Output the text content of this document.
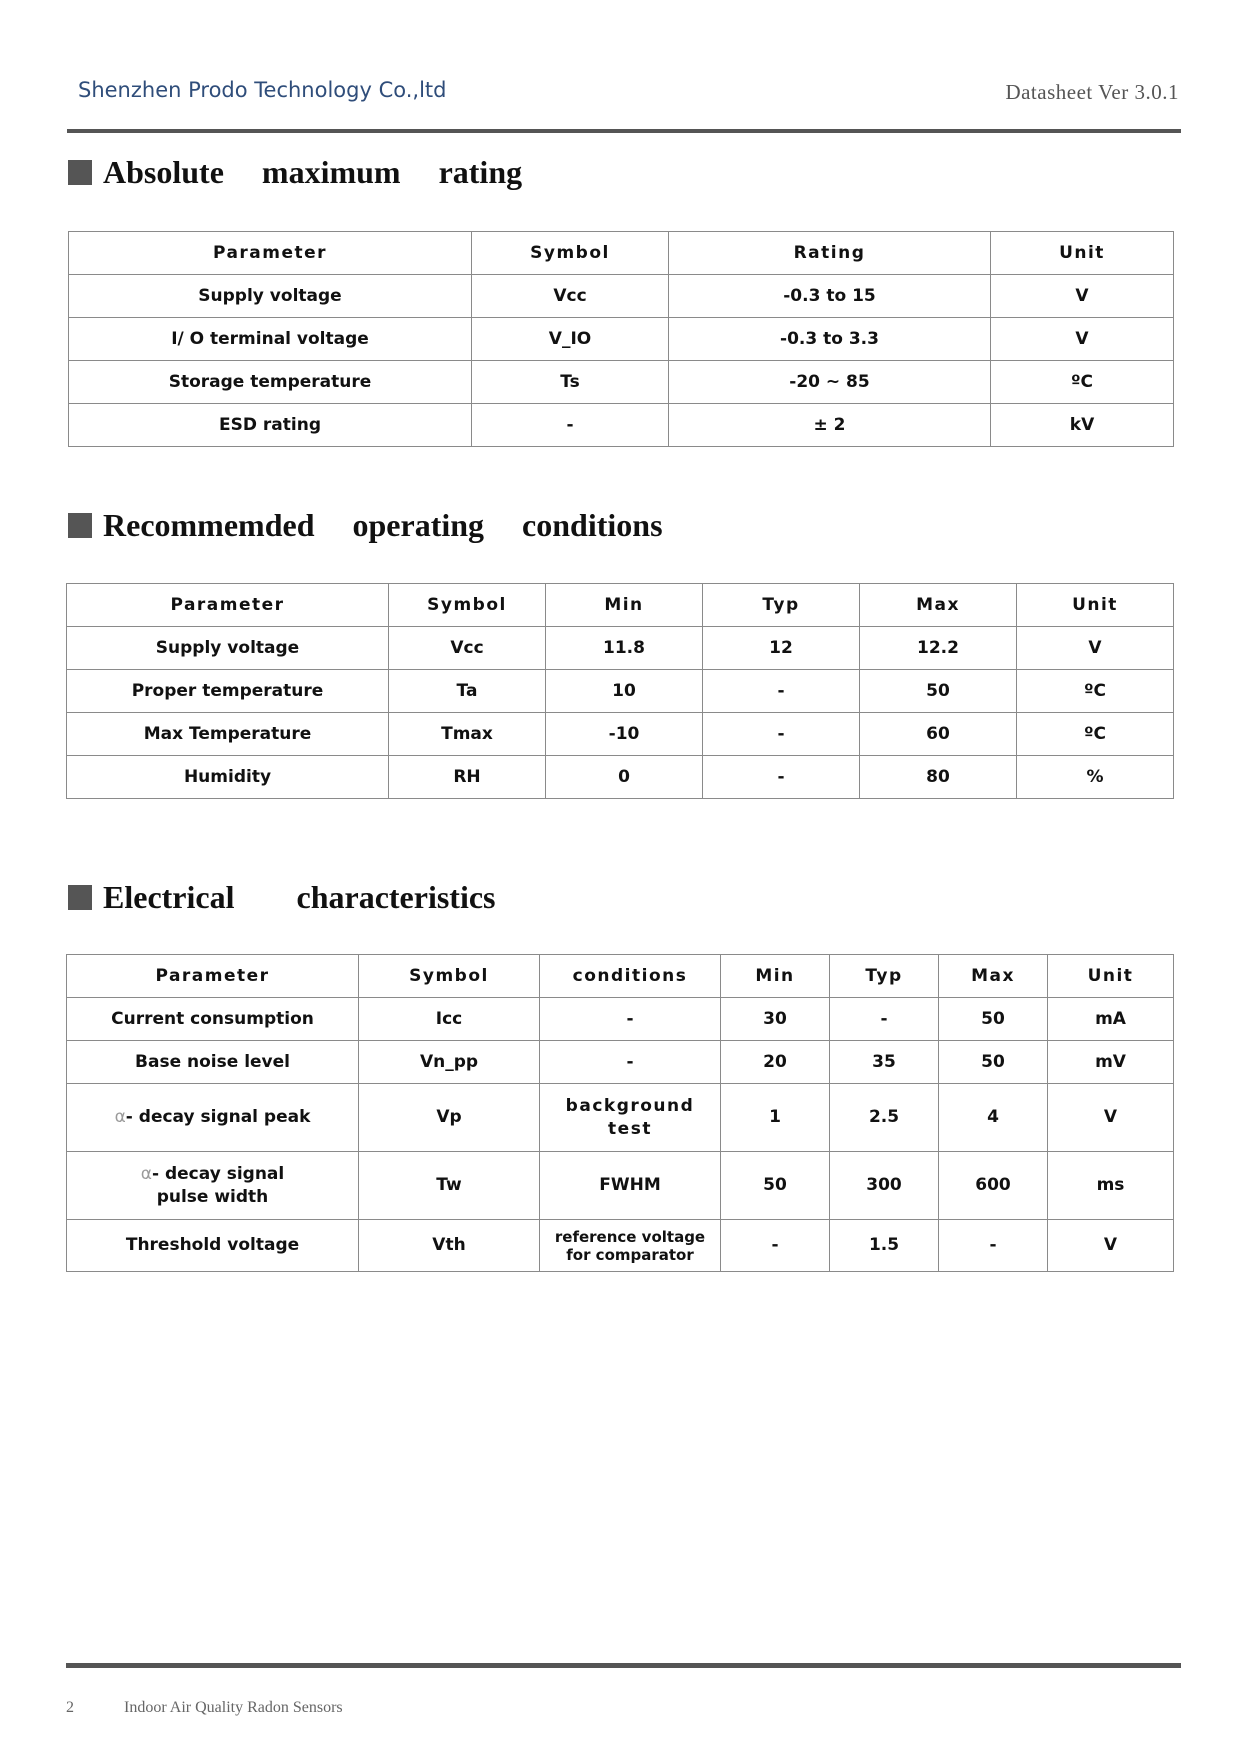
Shenzhen Prodo Technology Co.,ltd	Datasheet Ver 3.0.1
Absolute maximum rating
Parameter	Symbol	Rating	Unit
Supply voltage	Vcc	-0.3 to 15	V
I/ O terminal voltage	V_IO	-0.3 to 3.3	V
Storage temperature	Ts	-20 ~ 85	ºC
ESD rating	-	± 2	kV
Recommemded operating conditions
Parameter	Symbol	Min	Typ	Max	Unit
Supply voltage	Vcc	11.8	12	12.2	V
Proper temperature	Ta	10	-	50	ºC
Max Temperature	Tmax	-10	-	60	ºC
Humidity	RH	0	-	80	%
Electrical characteristics
Parameter	Symbol	conditions	Min	Typ	Max	Unit
Current consumption	Icc	-	30	-	50	mA
Base noise level	Vn_pp	-	20	35	50	mV
α- decay signal peak	Vp	background test	1	2.5	4	V
α- decay signal pulse width	Tw	FWHM	50	300	600	ms
Threshold voltage	Vth	reference voltage for comparator	-	1.5	-	V
2	Indoor Air Quality Radon Sensors
